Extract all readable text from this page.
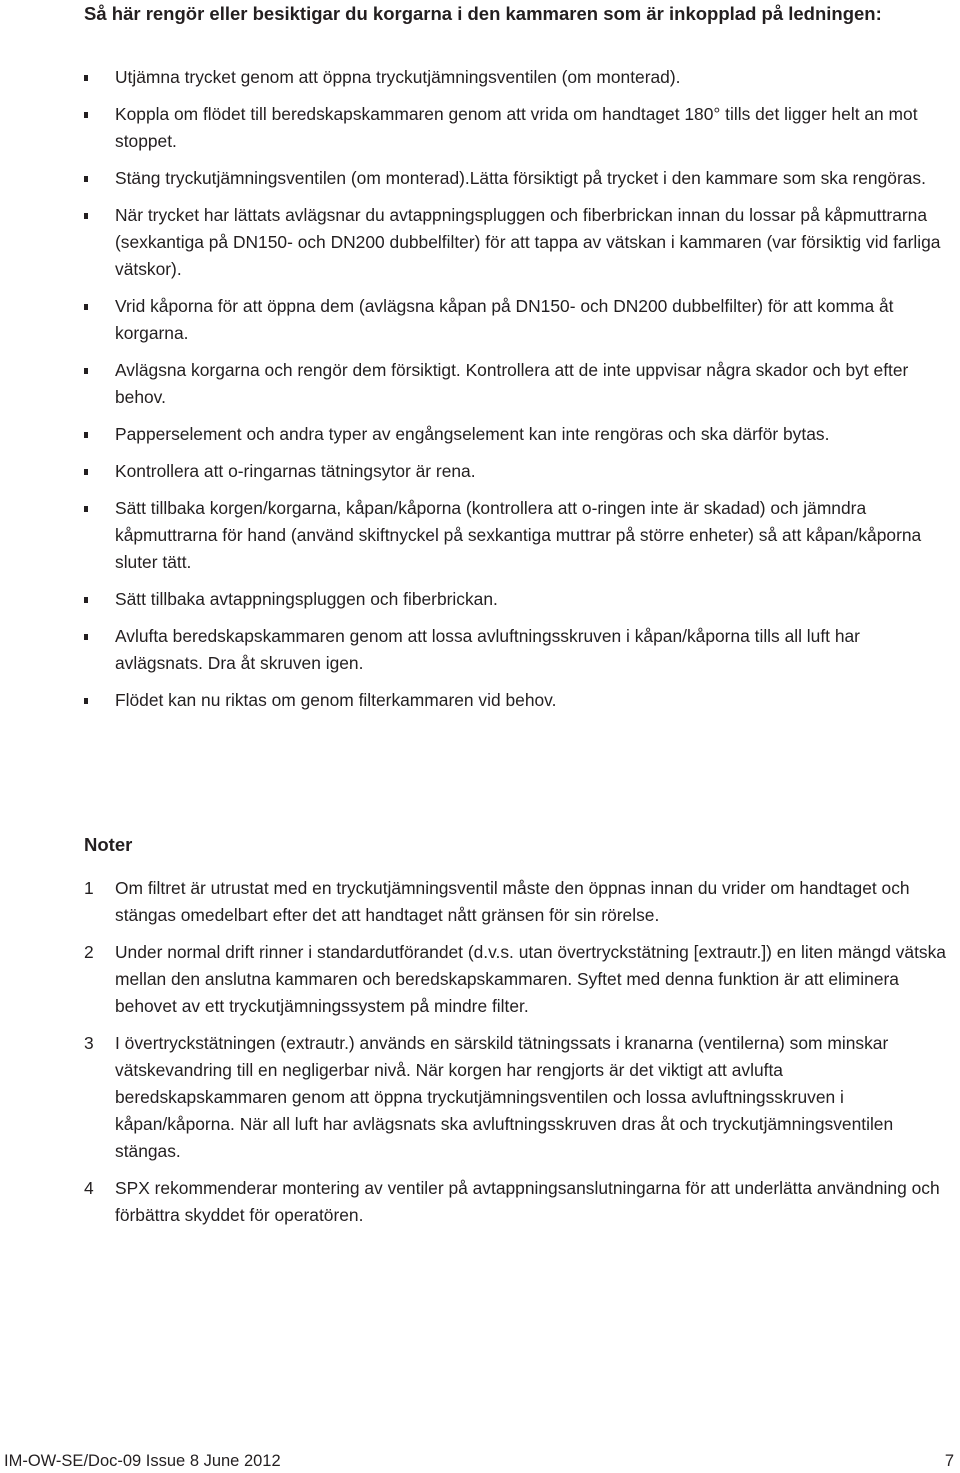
Så här rengör eller besiktigar du korgarna i den kammaren som är inkopplad på ledningen:
Utjämna trycket genom att öppna tryckutjämningsventilen (om monterad).
Koppla om flödet till beredskapskammaren genom att vrida om handtaget 180° tills det ligger helt an mot stoppet.
Stäng tryckutjämningsventilen (om monterad).Lätta försiktigt på trycket i den kammare som ska rengöras.
När trycket har lättats avlägsnar du avtappningspluggen och fiberbrickan innan du lossar på kåpmuttrarna (sexkantiga på DN150- och DN200 dubbelfilter) för att tappa av vätskan i kammaren (var försiktig vid farliga vätskor).
Vrid kåporna för att öppna dem (avlägsna kåpan på DN150- och DN200 dubbelfilter) för att komma åt korgarna.
Avlägsna korgarna och rengör dem försiktigt. Kontrollera att de inte uppvisar några skador och byt efter behov.
Papperselement och andra typer av engångselement kan inte rengöras och ska därför bytas.
Kontrollera att o-ringarnas tätningsytor är rena.
Sätt tillbaka korgen/korgarna, kåpan/kåporna (kontrollera att o-ringen inte är skadad) och jämndra kåpmuttrarna för hand (använd skiftnyckel på sexkantiga muttrar på större enheter) så att kåpan/kåporna sluter tätt.
Sätt tillbaka avtappningspluggen och fiberbrickan.
Avlufta beredskapskammaren genom att lossa avluftningsskruven i kåpan/kåporna tills all luft har avlägsnats. Dra åt skruven igen.
Flödet kan nu riktas om genom filterkammaren vid behov.
Noter
1 Om filtret är utrustat med en tryckutjämningsventil måste den öppnas innan du vrider om handtaget och stängas omedelbart efter det att handtaget nått gränsen för sin rörelse.
2 Under normal drift rinner i standardutförandet (d.v.s. utan övertryckstätning [extrautr.]) en liten mängd vätska mellan den anslutna kammaren och beredskapskammaren. Syftet med denna funktion är att eliminera behovet av ett tryckutjämningssystem på mindre filter.
3 I övertryckstätningen (extrautr.) används en särskild tätningssats i kranarna (ventilerna) som minskar vätskevandring till en negligerbar nivå. När korgen har rengjorts är det viktigt att avlufta beredskapskammaren genom att öppna tryckutjämningsventilen och lossa avluftningsskruven i kåpan/kåporna. När all luft har avlägsnats ska avluftningsskruven dras åt och tryckutjämningsventilen stängas.
4 SPX rekommenderar montering av ventiler på avtappningsanslutningarna för att underlätta användning och förbättra skyddet för operatören.
IM-OW-SE/Doc-09 Issue 8 June 2012	7
